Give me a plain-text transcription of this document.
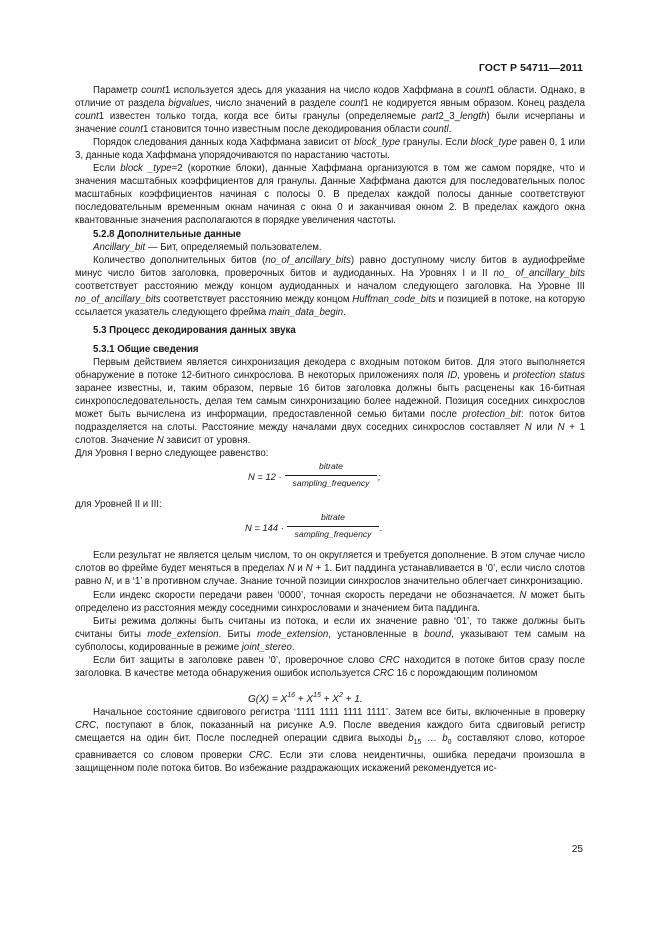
ГОСТ Р 54711—2011

Параметр count1 используется здесь для указания на число кодов Хаффмана в count1 области. Однако, в отличие от раздела bigvalues, число значений в разделе count1 не кодируется явным образом. Конец раздела count1 известен только тогда, когда все биты гранулы (определяемые part2_3_length) были исчерпаны и значение count1 становится точно известным после декодирования области countl.

Порядок следования данных кода Хаффмана зависит от block_type гранулы. Если block_type равен 0, 1 или 3, данные кода Хаффмана упорядочиваются по нарастанию частоты.

Если block _type=2 (короткие блоки), данные Хаффмана организуются в том же самом порядке, что и значения масштабных коэффициентов для гранулы. Данные Хаффмана даются для последовательных полос масштабных коэффициентов начиная с полосы 0. В пределах каждой полосы данные соответствуют последовательным временным окнам начиная с окна 0 и заканчивая окном 2. В пределах каждого окна квантованные значения располагаются в порядке увеличения частоты.

5.2.8 Дополнительные данные

Ancillary_bit — Бит, определяемый пользователем.

Количество дополнительных битов (no_of_ancillary_bits) равно доступному числу битов в аудиофрейме минус число битов заголовка, проверочных битов и аудиоданных. На Уровнях I и II no_ of_ancillary_bits соответствует расстоянию между концом аудиоданных и началом следующего заголовка. На Уровне III no_of_ancillary_bits соответствует расстоянию между концом Huffman_code_bits и позицией в потоке, на которую ссылается указатель следующего фрейма main_data_begin.

5.3 Процесс декодирования данных звука

5.3.1 Общие сведения

Первым действием является синхронизация декодера с входным потоком битов. Для этого выполняется обнаружение в потоке 12-битного синхрослова. В некоторых приложениях поля ID, уровень и protection status заранее известны, и, таким образом, первые 16 битов заголовка должны быть расценены как 16-битная синхропоследовательность, делая тем самым синхронизацию более надежной. Позиция соседних синхрослов может быть вычислена из информации, предоставленной семью битами после protection_bit: поток битов подразделяется на слоты. Расстояние между началами двух соседних синхрослов составляет N или N + 1 слотов. Значение N зависит от уровня.

Для Уровня I верно следующее равенство:

N = 12 ·
bitrate
sampling_frequency
;

для Уровней II и III:

N = 144 ·
bitrate
sampling_frequency
.

Если результат не является целым числом, то он округляется и требуется дополнение. В этом случае число слотов во фрейме будет меняться в пределах N и N + 1. Бит паддинга устанавливается в ‘0’, если число слотов равно N, и в ‘1’ в противном случае. Знание точной позиции синхрослов значительно облегчает синхронизацию.

Если индекс скорости передачи равен ‘0000’, точная скорость передачи не обозначается. N может быть определено из расстояния между соседними синхрословами и значением бита паддинга.

Биты режима должны быть считаны из потока, и если их значение равно ‘01’, то также должны быть считаны биты mode_extension. Биты mode_extension, установленные в bound, указывают тем самым на субполосы, кодированные в режиме joint_stereo.

Если бит защиты в заголовке равен ‘0’, проверочное слово CRC находится в потоке битов сразу после заголовка. В качестве метода обнаружения ошибок используется CRC 16 с порождающим полиномом

$G(X) = X^{16} + X^{15} + X^2 + 1$.

Начальное состояние сдвигового регистра ‘1111 1111 1111 1111’. Затем все биты, включенные в проверку CRC, поступают в блок, показанный на рисунке А.9. После введения каждого бита сдвиговый регистр смещается на один бит. После последней операции сдвига выходы $b_{15}$ … $b_0$ составляют слово, которое сравнивается со словом проверки CRC. Если эти слова неидентичны, ошибка передачи произошла в защищенном поле потока битов. Во избежание раздражающих искажений рекомендуется ис-

25
